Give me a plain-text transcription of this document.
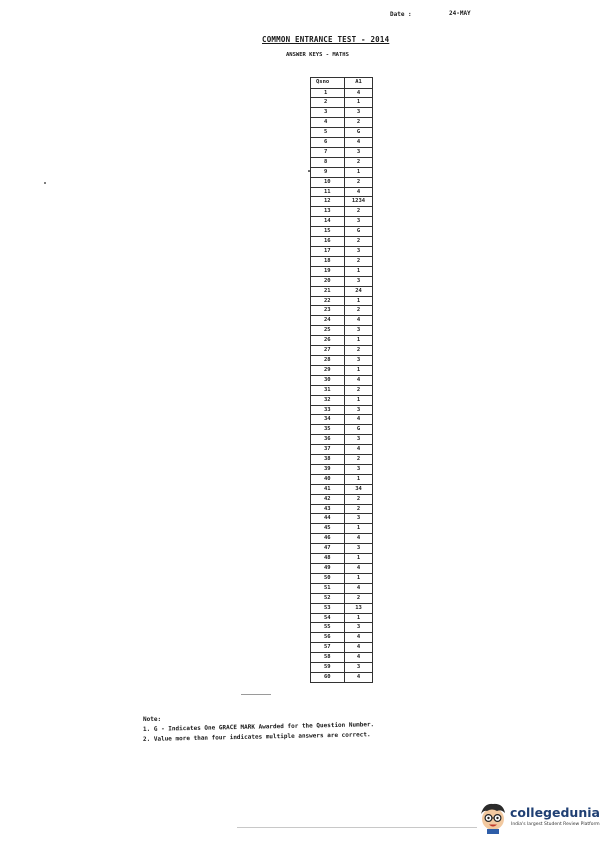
Date :	24-MAY
COMMON ENTRANCE TEST - 2014
ANSWER KEYS - MATHS
Qsno	A1
1	4
2	1
3	3
4	2
5	G
6	4
7	3
8	2
9	1
10	2
11	4
12	1234
13	2
14	3
15	G
16	2
17	3
18	2
19	1
20	3
21	24
22	1
23	2
24	4
25	3
26	1
27	2
28	3
29	1
30	4
31	2
32	1
33	3
34	4
35	G
36	3
37	4
38	2
39	3
40	1
41	34
42	2
43	2
44	3
45	1
46	4
47	3
48	1
49	4
50	1
51	4
52	2
53	13
54	1
55	3
56	4
57	4
58	4
59	3
60	4
Note:
1. G - Indicates One GRACE MARK Awarded for the Question Number.
2. Value more than four indicates multiple answers are correct.
collegedunia
India's largest Student Review Platform
